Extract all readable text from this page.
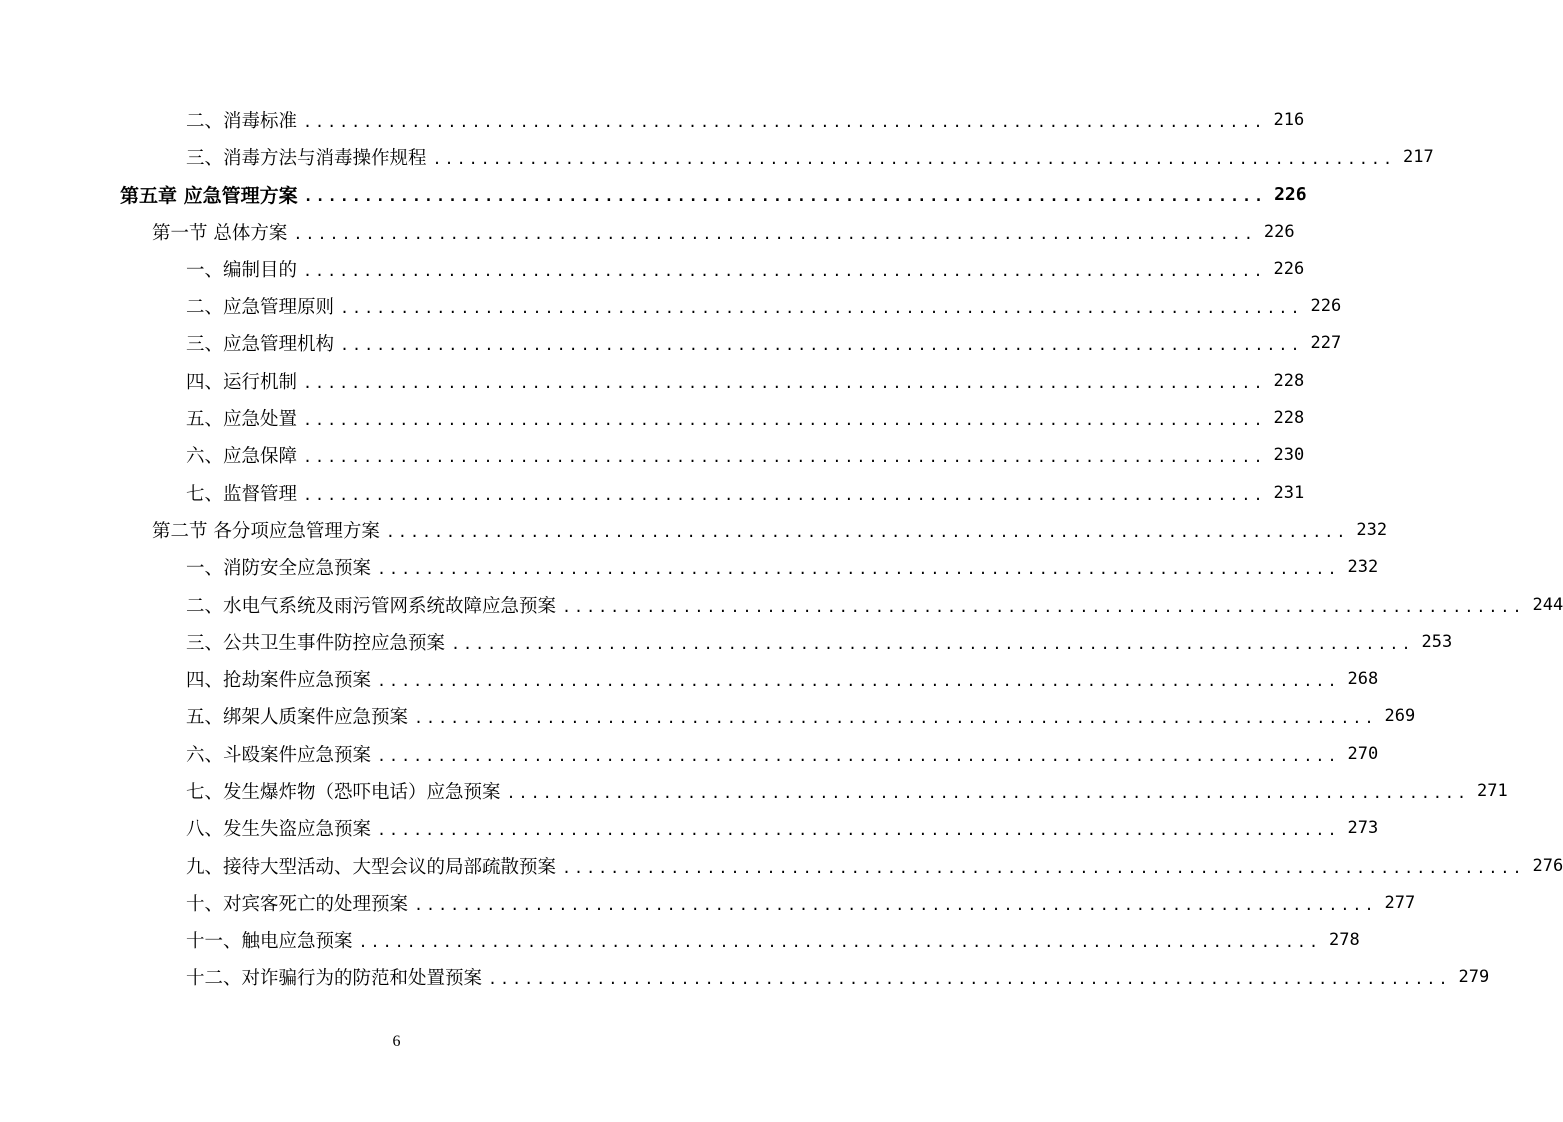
二、消毒标准 ................................................................................ 216
三、消毒方法与消毒操作规程 ................................................................................ 217
第五章 应急管理方案 ................................................................................ 226
第一节 总体方案 ................................................................................ 226
一、编制目的 ................................................................................ 226
二、应急管理原则 ................................................................................ 226
三、应急管理机构 ................................................................................ 227
四、运行机制 ................................................................................ 228
五、应急处置 ................................................................................ 228
六、应急保障 ................................................................................ 230
七、监督管理 ................................................................................ 231
第二节 各分项应急管理方案 ................................................................................ 232
一、消防安全应急预案 ................................................................................ 232
二、水电气系统及雨污管网系统故障应急预案 ................................................................................ 244
三、公共卫生事件防控应急预案 ................................................................................ 253
四、抢劫案件应急预案 ................................................................................ 268
五、绑架人质案件应急预案 ................................................................................ 269
六、斗殴案件应急预案 ................................................................................ 270
七、发生爆炸物（恐吓电话）应急预案 ................................................................................ 271
八、发生失盗应急预案 ................................................................................ 273
九、接待大型活动、大型会议的局部疏散预案 ................................................................................ 276
十、对宾客死亡的处理预案 ................................................................................ 277
十一、触电应急预案 ................................................................................ 278
十二、对诈骗行为的防范和处置预案 ................................................................................ 279
6
